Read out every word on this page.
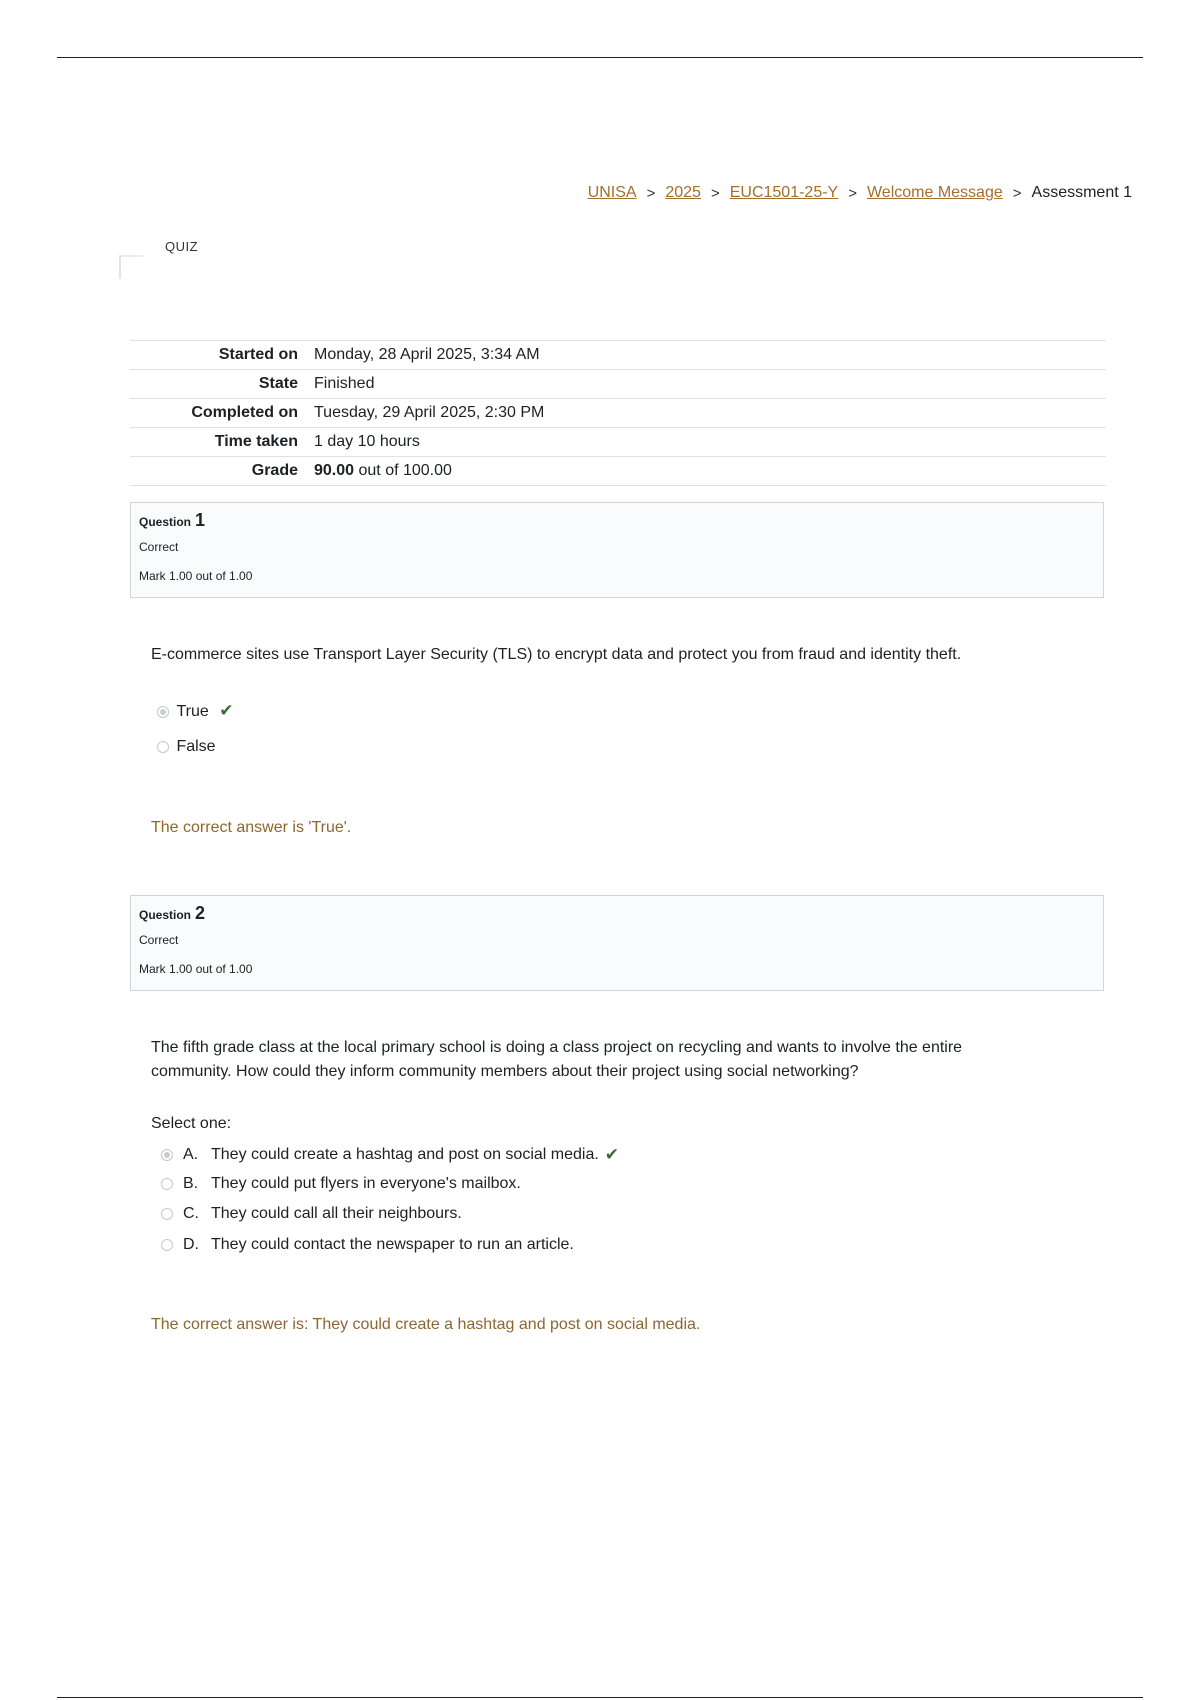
UNISA > 2025 > EUC1501-25-Y > Welcome Message > Assessment 1
QUIZ
Started on	Monday, 28 April 2025, 3:34 AM
State	Finished
Completed on	Tuesday, 29 April 2025, 2:30 PM
Time taken	1 day 10 hours
Grade	90.00 out of 100.00
Question 1
Correct
Mark 1.00 out of 1.00
E-commerce sites use Transport Layer Security (TLS) to encrypt data and protect you from fraud and identity theft.
True ✔
False
The correct answer is 'True'.
Question 2
Correct
Mark 1.00 out of 1.00
The fifth grade class at the local primary school is doing a class project on recycling and wants to involve the entire community. How could they inform community members about their project using social networking?
Select one:
A. They could create a hashtag and post on social media. ✔
B. They could put flyers in everyone's mailbox.
C. They could call all their neighbours.
D. They could contact the newspaper to run an article.
The correct answer is: They could create a hashtag and post on social media.
